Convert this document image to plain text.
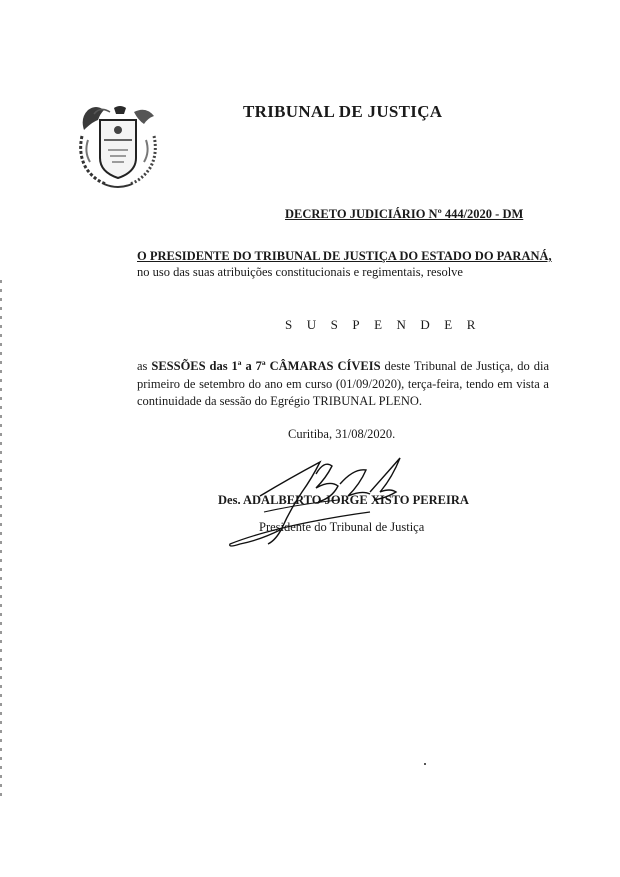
TRIBUNAL DE JUSTIÇA
DECRETO JUDICIÁRIO Nº 444/2020 - DM
O PRESIDENTE DO TRIBUNAL DE JUSTIÇA DO ESTADO DO PARANÁ,
no uso das suas atribuições constitucionais e regimentais, resolve
SUSPENDER
as SESSÕES das 1ª a 7ª CÂMARAS CÍVEIS deste Tribunal de Justiça, do dia primeiro de setembro do ano em curso (01/09/2020), terça-feira, tendo em vista a continuidade da sessão do Egrégio TRIBUNAL PLENO.
Curitiba, 31/08/2020.
Des. ADALBERTO JORGE XISTO PEREIRA
Presidente do Tribunal de Justiça
